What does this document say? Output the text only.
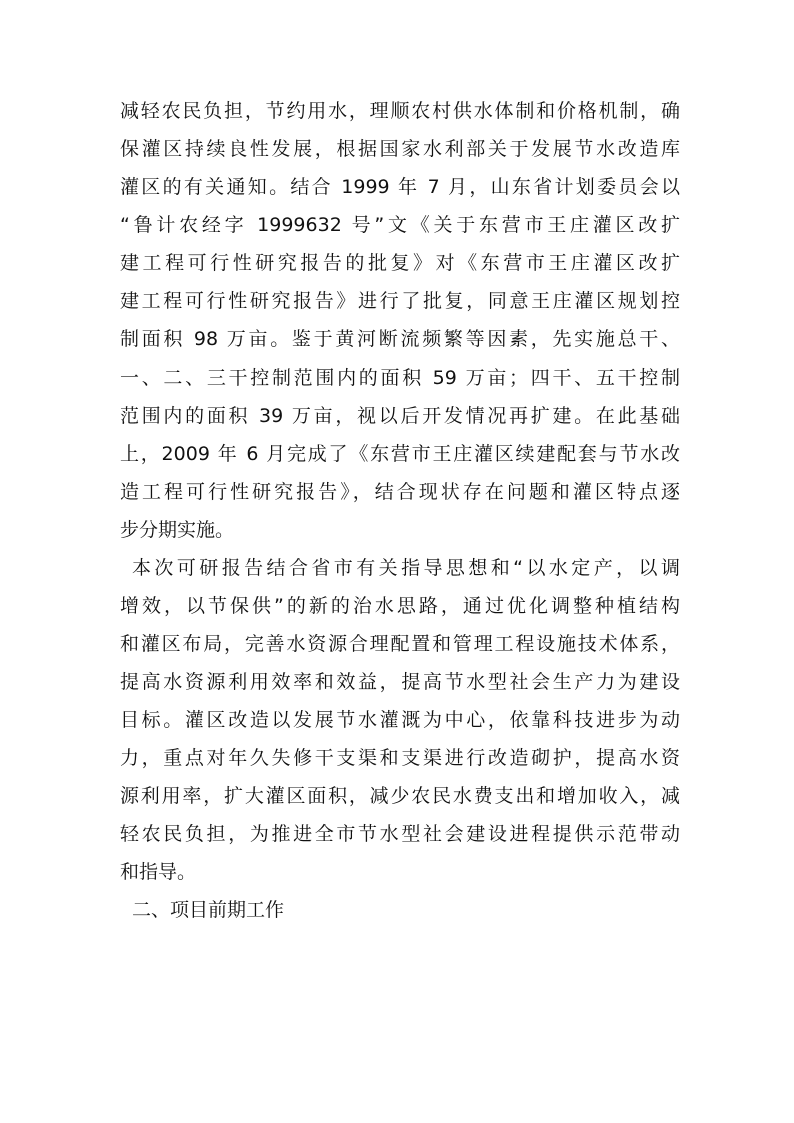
减轻农民负担，节约用水，理顺农村供水体制和价格机制，确
保灌区持续良性发展，根据国家水利部关于发展节水改造库
灌区的有关通知。结合 1999 年 7 月，山东省计划委员会以
“鲁计农经字 1999632 号”文《关于东营市王庄灌区改扩
建工程可行性研究报告的批复》对《东营市王庄灌区改扩
建工程可行性研究报告》进行了批复，同意王庄灌区规划控
制面积 98 万亩。鉴于黄河断流频繁等因素，先实施总干、
一、二、三干控制范围内的面积 59 万亩；四干、五干控制
范围内的面积 39 万亩，视以后开发情况再扩建。在此基础
上，2009 年 6 月完成了《东营市王庄灌区续建配套与节水改
造工程可行性研究报告》，结合现状存在问题和灌区特点逐
步分期实施。
本次可研报告结合省市有关指导思想和“以水定产，以调
增效，以节保供”的新的治水思路，通过优化调整种植结构
和灌区布局，完善水资源合理配置和管理工程设施技术体系，
提高水资源利用效率和效益，提高节水型社会生产力为建设
目标。灌区改造以发展节水灌溉为中心，依靠科技进步为动
力，重点对年久失修干支渠和支渠进行改造砌护，提高水资
源利用率，扩大灌区面积，减少农民水费支出和增加收入，减
轻农民负担，为推进全市节水型社会建设进程提供示范带动
和指导。
二、项目前期工作
